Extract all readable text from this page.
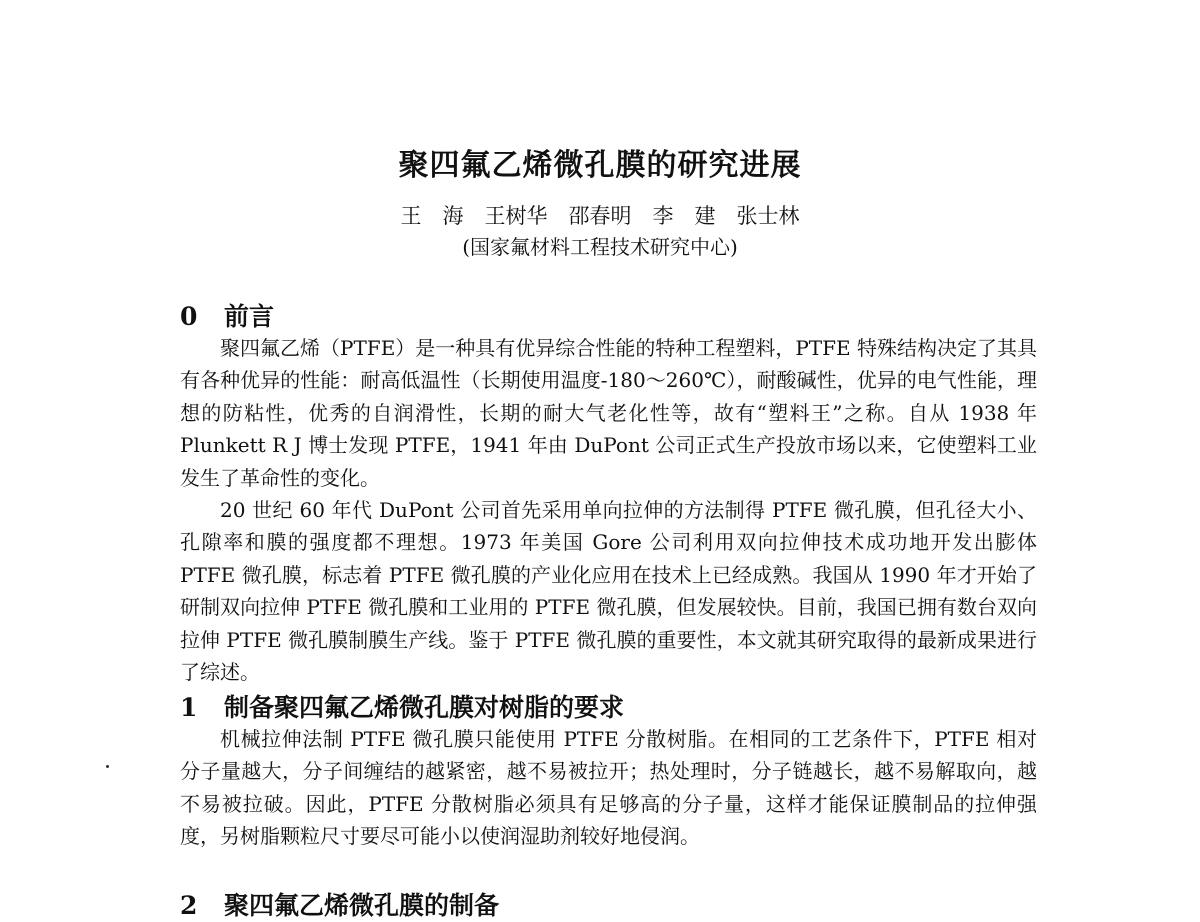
聚四氟乙烯微孔膜的研究进展
王　海　王树华　邵春明　李　建　张士林
(国家氟材料工程技术研究中心)
0 前言

聚四氟乙烯（PTFE）是一种具有优异综合性能的特种工程塑料，PTFE 特殊结构决定了其具有各种优异的性能：耐高低温性（长期使用温度-180～260℃），耐酸碱性，优异的电气性能，理想的防粘性，优秀的自润滑性，长期的耐大气老化性等，故有“塑料王”之称。自从 1938 年 Plunkett R J 博士发现 PTFE，1941 年由 DuPont 公司正式生产投放市场以来，它使塑料工业发生了革命性的变化。

20 世纪 60 年代 DuPont 公司首先采用单向拉伸的方法制得 PTFE 微孔膜，但孔径大小、孔隙率和膜的强度都不理想。1973 年美国 Gore 公司利用双向拉伸技术成功地开发出膨体 PTFE 微孔膜，标志着 PTFE 微孔膜的产业化应用在技术上已经成熟。我国从 1990 年才开始了研制双向拉伸 PTFE 微孔膜和工业用的 PTFE 微孔膜，但发展较快。目前，我国已拥有数台双向拉伸 PTFE 微孔膜制膜生产线。鉴于 PTFE 微孔膜的重要性，本文就其研究取得的最新成果进行了综述。

1 制备聚四氟乙烯微孔膜对树脂的要求

机械拉伸法制 PTFE 微孔膜只能使用 PTFE 分散树脂。在相同的工艺条件下，PTFE 相对分子量越大，分子间缠结的越紧密，越不易被拉开；热处理时，分子链越长，越不易解取向，越不易被拉破。因此，PTFE 分散树脂必须具有足够高的分子量，这样才能保证膜制品的拉伸强度，另树脂颗粒尺寸要尽可能小以使润湿助剂较好地侵润。

2 聚四氟乙烯微孔膜的制备
